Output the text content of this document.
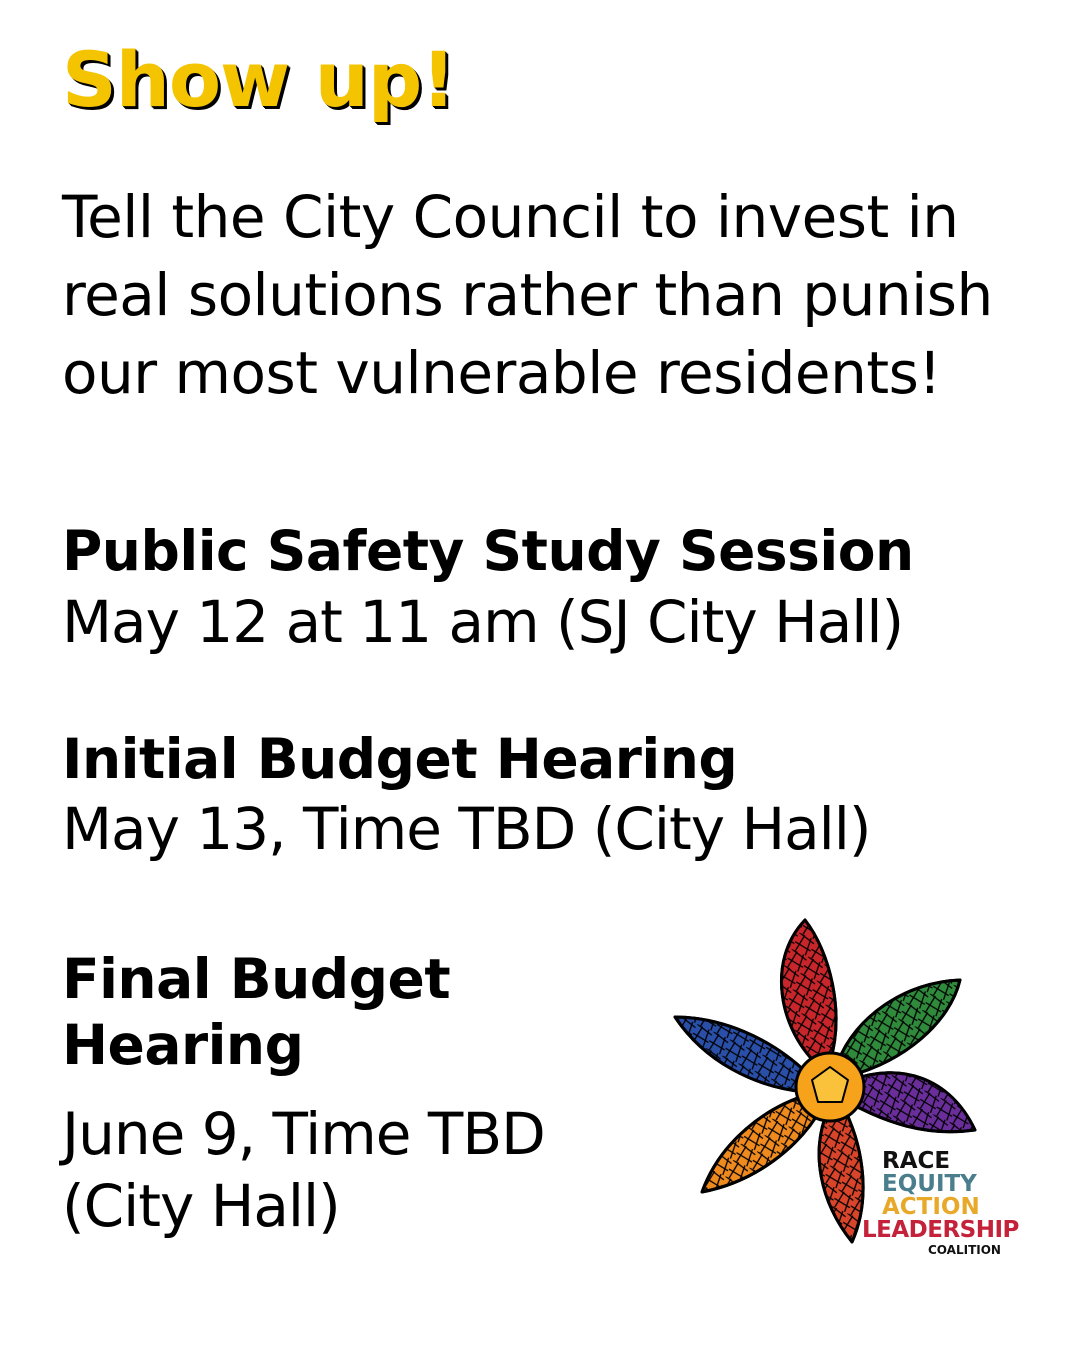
Show up!

Tell the City Council to invest in real solutions rather than punish our most vulnerable residents!

Public Safety Study Session

May 12 at 11 am (SJ City Hall)

Initial Budget Hearing

May 13, Time TBD (City Hall)

Final Budget Hearing

June 9, Time TBD (City Hall)

RACE
EQUITY
ACTION
LEADERSHIP
COALITION
